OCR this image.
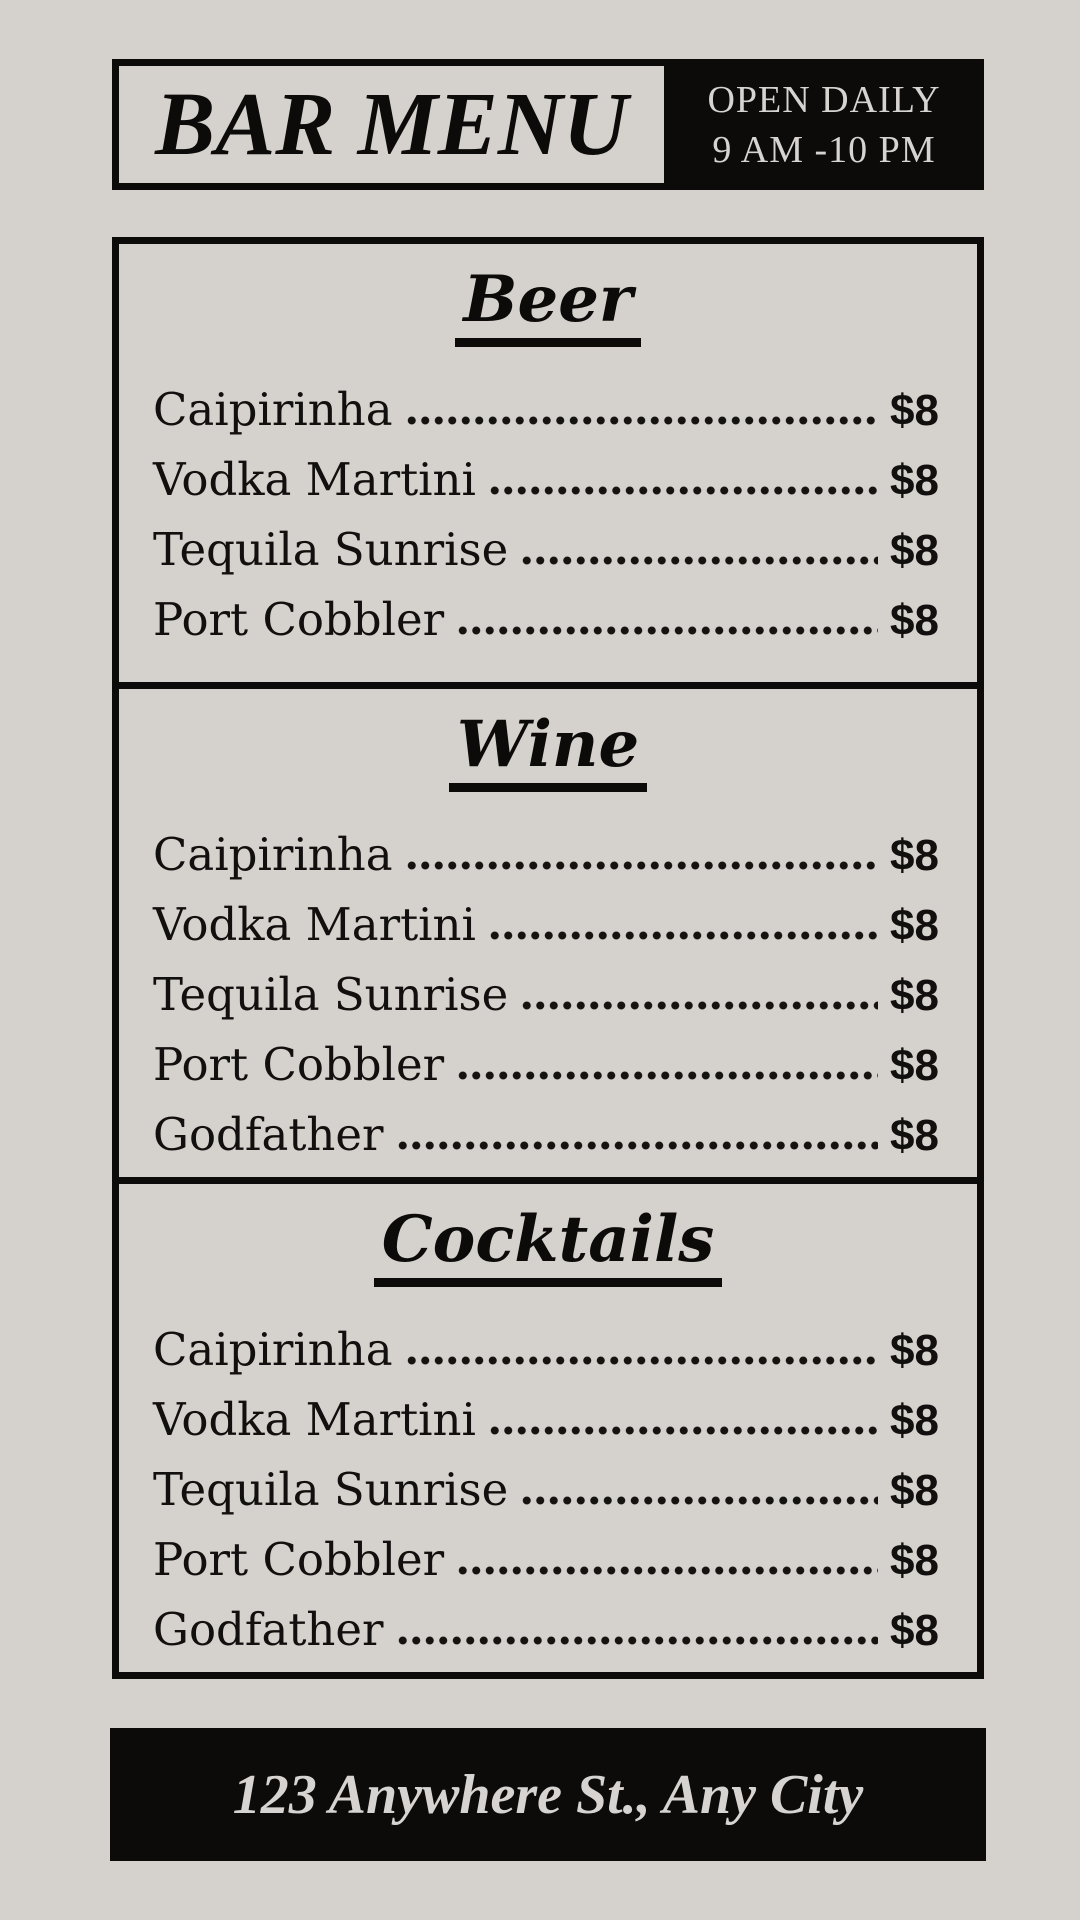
BAR MENU OPEN DAILY
9 AM -10 PM
Beer
Caipirinha	$8
Vodka Martini	$8
Tequila Sunrise	$8
Port Cobbler	$8
Wine
Caipirinha	$8
Vodka Martini	$8
Tequila Sunrise	$8
Port Cobbler	$8
Godfather	$8
Cocktails
Caipirinha	$8
Vodka Martini	$8
Tequila Sunrise	$8
Port Cobbler	$8
Godfather	$8
123 Anywhere St., Any City
